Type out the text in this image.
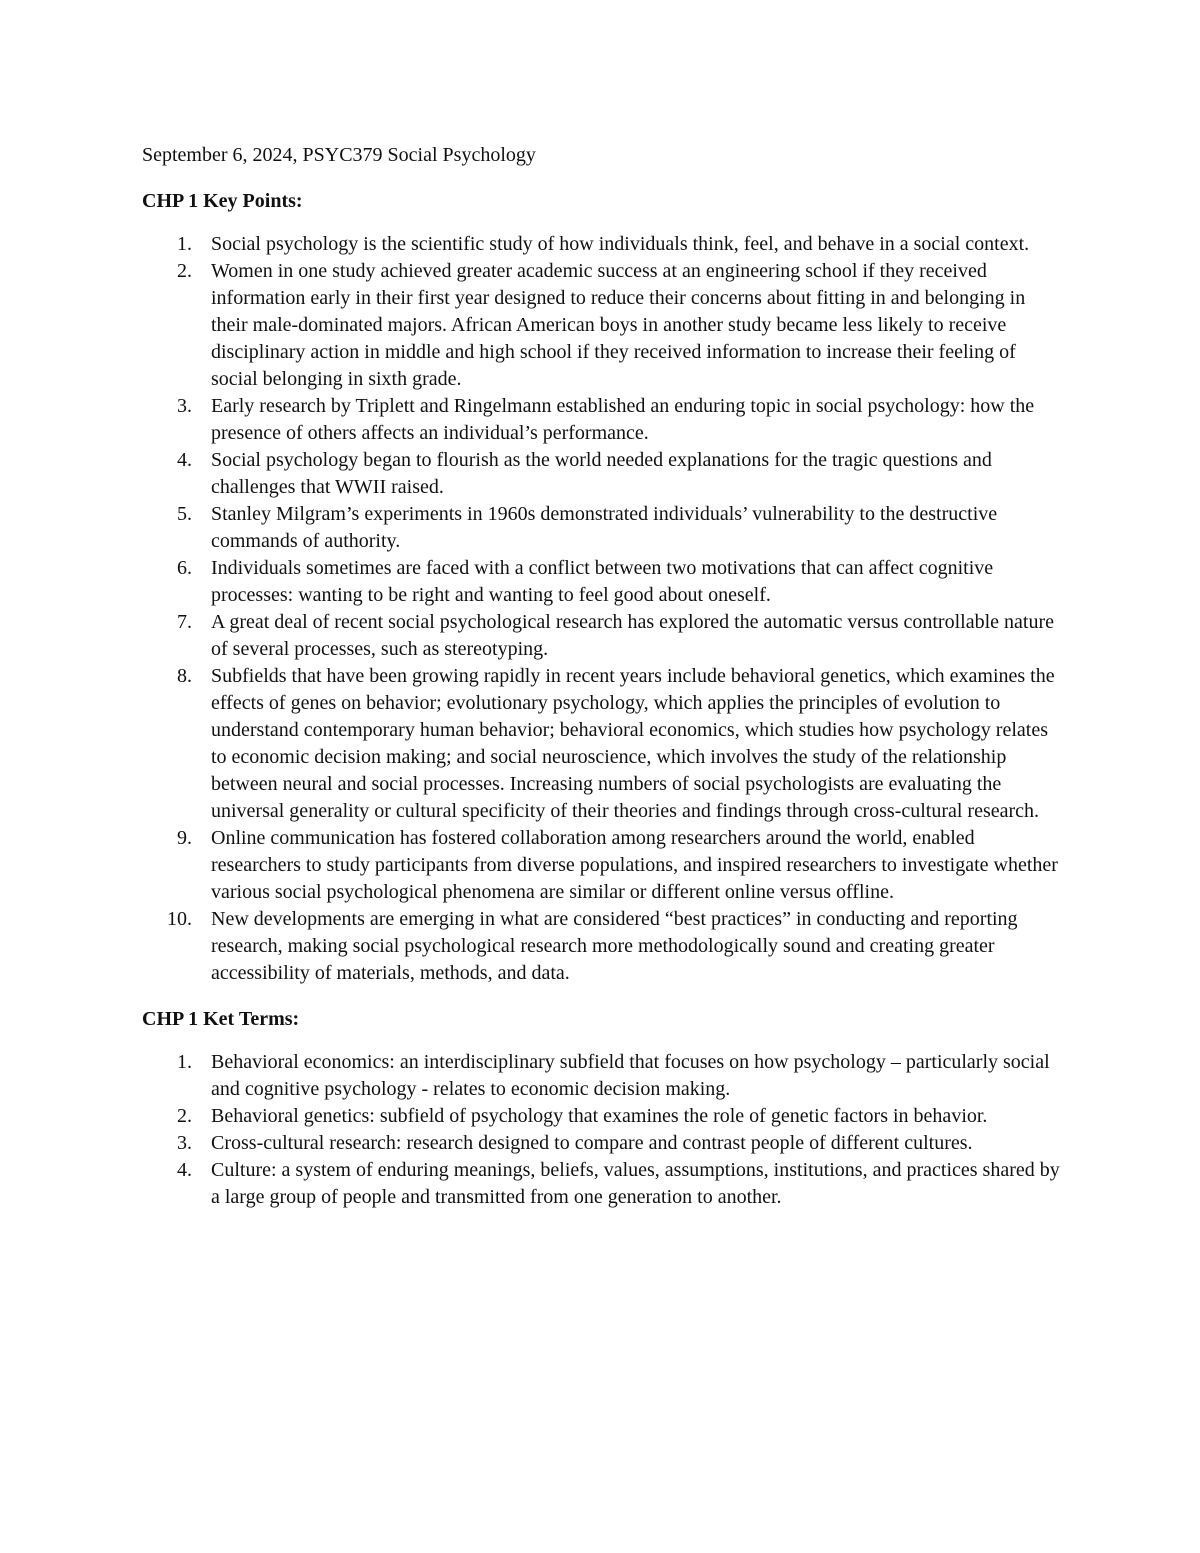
September 6, 2024, PSYC379 Social Psychology
CHP 1 Key Points:
1. Social psychology is the scientific study of how individuals think, feel, and behave in a social context.
2. Women in one study achieved greater academic success at an engineering school if they received information early in their first year designed to reduce their concerns about fitting in and belonging in their male-dominated majors. African American boys in another study became less likely to receive disciplinary action in middle and high school if they received information to increase their feeling of social belonging in sixth grade.
3. Early research by Triplett and Ringelmann established an enduring topic in social psychology: how the presence of others affects an individual’s performance.
4. Social psychology began to flourish as the world needed explanations for the tragic questions and challenges that WWII raised.
5. Stanley Milgram’s experiments in 1960s demonstrated individuals’ vulnerability to the destructive commands of authority.
6. Individuals sometimes are faced with a conflict between two motivations that can affect cognitive processes: wanting to be right and wanting to feel good about oneself.
7. A great deal of recent social psychological research has explored the automatic versus controllable nature of several processes, such as stereotyping.
8. Subfields that have been growing rapidly in recent years include behavioral genetics, which examines the effects of genes on behavior; evolutionary psychology, which applies the principles of evolution to understand contemporary human behavior; behavioral economics, which studies how psychology relates to economic decision making; and social neuroscience, which involves the study of the relationship between neural and social processes. Increasing numbers of social psychologists are evaluating the universal generality or cultural specificity of their theories and findings through cross-cultural research.
9. Online communication has fostered collaboration among researchers around the world, enabled researchers to study participants from diverse populations, and inspired researchers to investigate whether various social psychological phenomena are similar or different online versus offline.
10. New developments are emerging in what are considered “best practices” in conducting and reporting research, making social psychological research more methodologically sound and creating greater accessibility of materials, methods, and data.
CHP 1 Ket Terms:
1. Behavioral economics: an interdisciplinary subfield that focuses on how psychology – particularly social and cognitive psychology - relates to economic decision making.
2. Behavioral genetics: subfield of psychology that examines the role of genetic factors in behavior.
3. Cross-cultural research: research designed to compare and contrast people of different cultures.
4. Culture: a system of enduring meanings, beliefs, values, assumptions, institutions, and practices shared by a large group of people and transmitted from one generation to another.
